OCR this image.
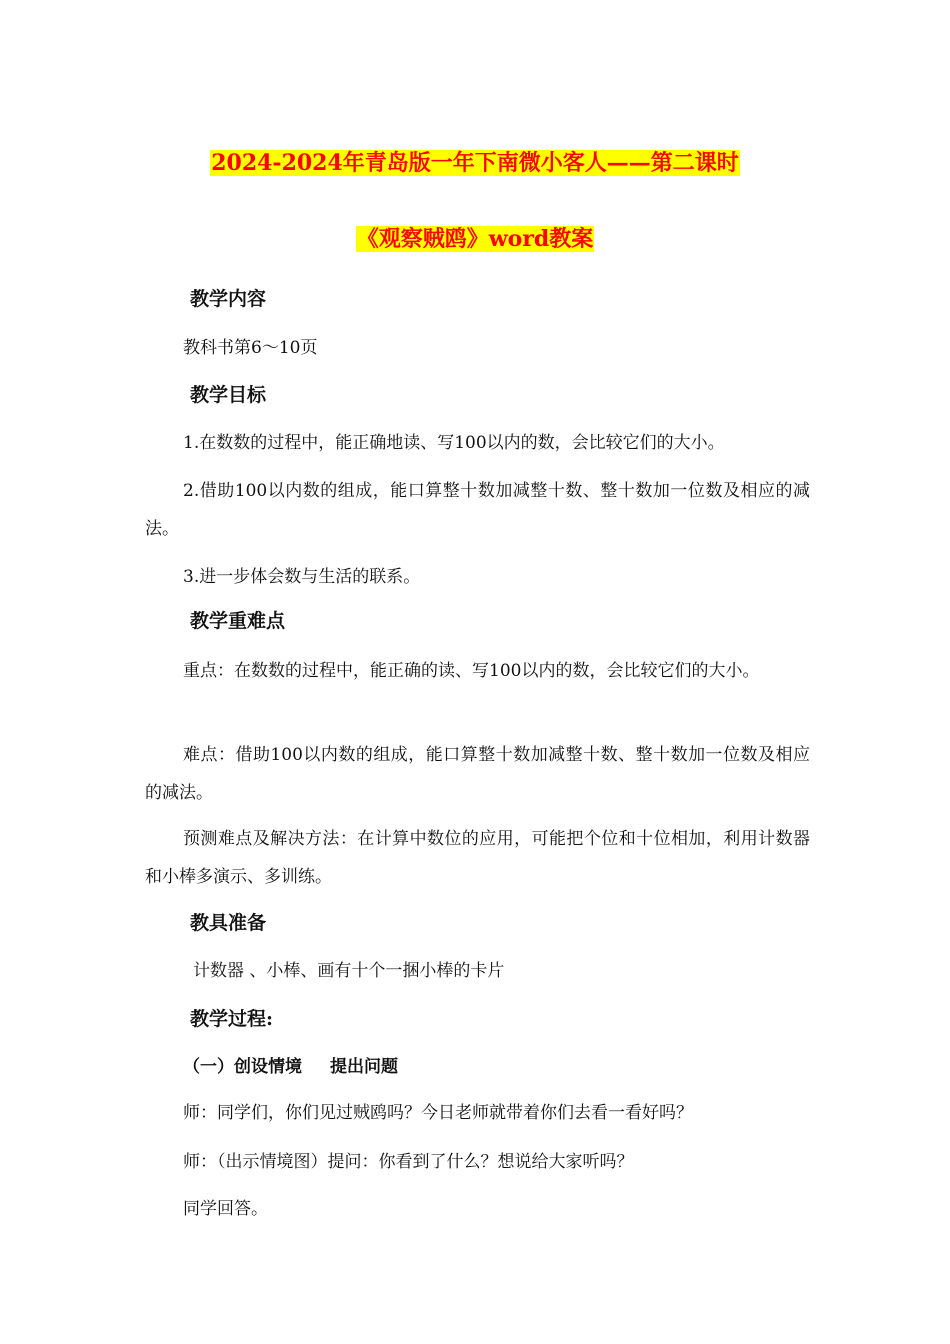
2024-2024年青岛版一年下南微小客人——第二课时
《观察贼鸥》word教案
教学内容
教科书第6～10页
教学目标
1.在数数的过程中，能正确地读、写100以内的数，会比较它们的大小。
2.借助100以内数的组成，能口算整十数加减整十数、整十数加一位数及相应的减法。
3.进一步体会数与生活的联系。
教学重难点
重点：在数数的过程中，能正确的读、写100以内的数，会比较它们的大小。
难点：借助100以内数的组成，能口算整十数加减整十数、整十数加一位数及相应的减法。
预测难点及解决方法：在计算中数位的应用，可能把个位和十位相加，利用计数器和小棒多演示、多训练。
教具准备
计数器 、小棒、画有十个一捆小棒的卡片
教学过程:
（一）创设情境 提出问题
师：同学们，你们见过贼鸥吗？今日老师就带着你们去看一看好吗？
师：（出示情境图）提问：你看到了什么？想说给大家听吗？
同学回答。
